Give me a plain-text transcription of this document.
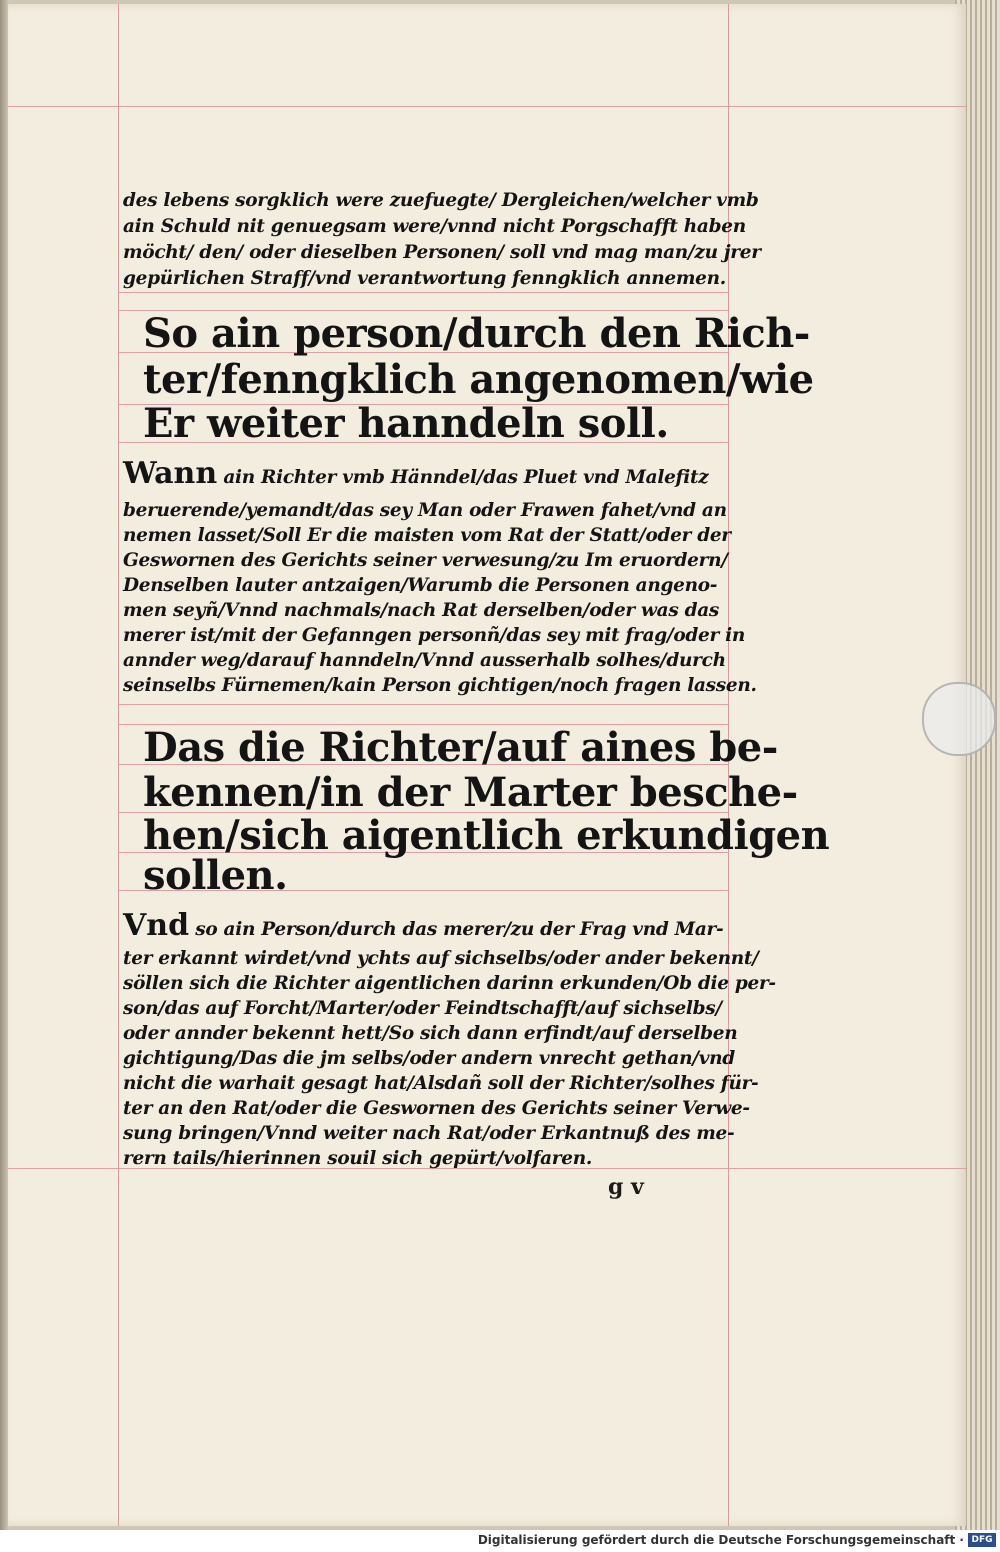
des lebens sorgklich were zuefuegte/ Dergleichen/welcher vmb
ain Schuld nit genuegsam were/vnnd nicht Porgschafft haben
möcht/ den/ oder dieselben Personen/ soll vnd mag man/zu jrer
gepürlichen Straff/vnd verantwortung fenngklich annemen.
So ain person/durch den Rich-
ter/fenngklich angenomen/wie
Er weiter hanndeln soll.
Wann ain Richter vmb Hänndel/das Pluet vnd Malefitz
beruerende/yemandt/das sey Man oder Frawen fahet/vnd an
nemen lasset/Soll Er die maisten vom Rat der Statt/oder der
Geswornen des Gerichts seiner verwesung/zu Im eruordern/
Denselben lauter antzaigen/Warumb die Personen angeno-
men seyñ/Vnnd nachmals/nach Rat derselben/oder was das
merer ist/mit der Gefanngen personñ/das sey mit frag/oder in
annder weg/darauf hanndeln/Vnnd ausserhalb solhes/durch
seinselbs Fürnemen/kain Person gichtigen/noch fragen lassen.
Das die Richter/auf aines be-
kennen/in der Marter besche-
hen/sich aigentlich erkundigen
sollen.
Vnd so ain Person/durch das merer/zu der Frag vnd Mar-
ter erkannt wirdet/vnd ychts auf sichselbs/oder ander bekennt/
söllen sich die Richter aigentlichen darinn erkunden/Ob die per-
son/das auf Forcht/Marter/oder Feindtschafft/auf sichselbs/
oder annder bekennt hett/So sich dann erfindt/auf derselben
gichtigung/Das die jm selbs/oder andern vnrecht gethan/vnd
nicht die warhait gesagt hat/Alsdañ soll der Richter/solhes für-
ter an den Rat/oder die Geswornen des Gerichts seiner Verwe-
sung bringen/Vnnd weiter nach Rat/oder Erkantnuß des me-
rern tails/hierinnen souil sich gepürt/volfaren.
g v
Digitalisierung gefördert durch die Deutsche Forschungsgemeinschaft · DFG
